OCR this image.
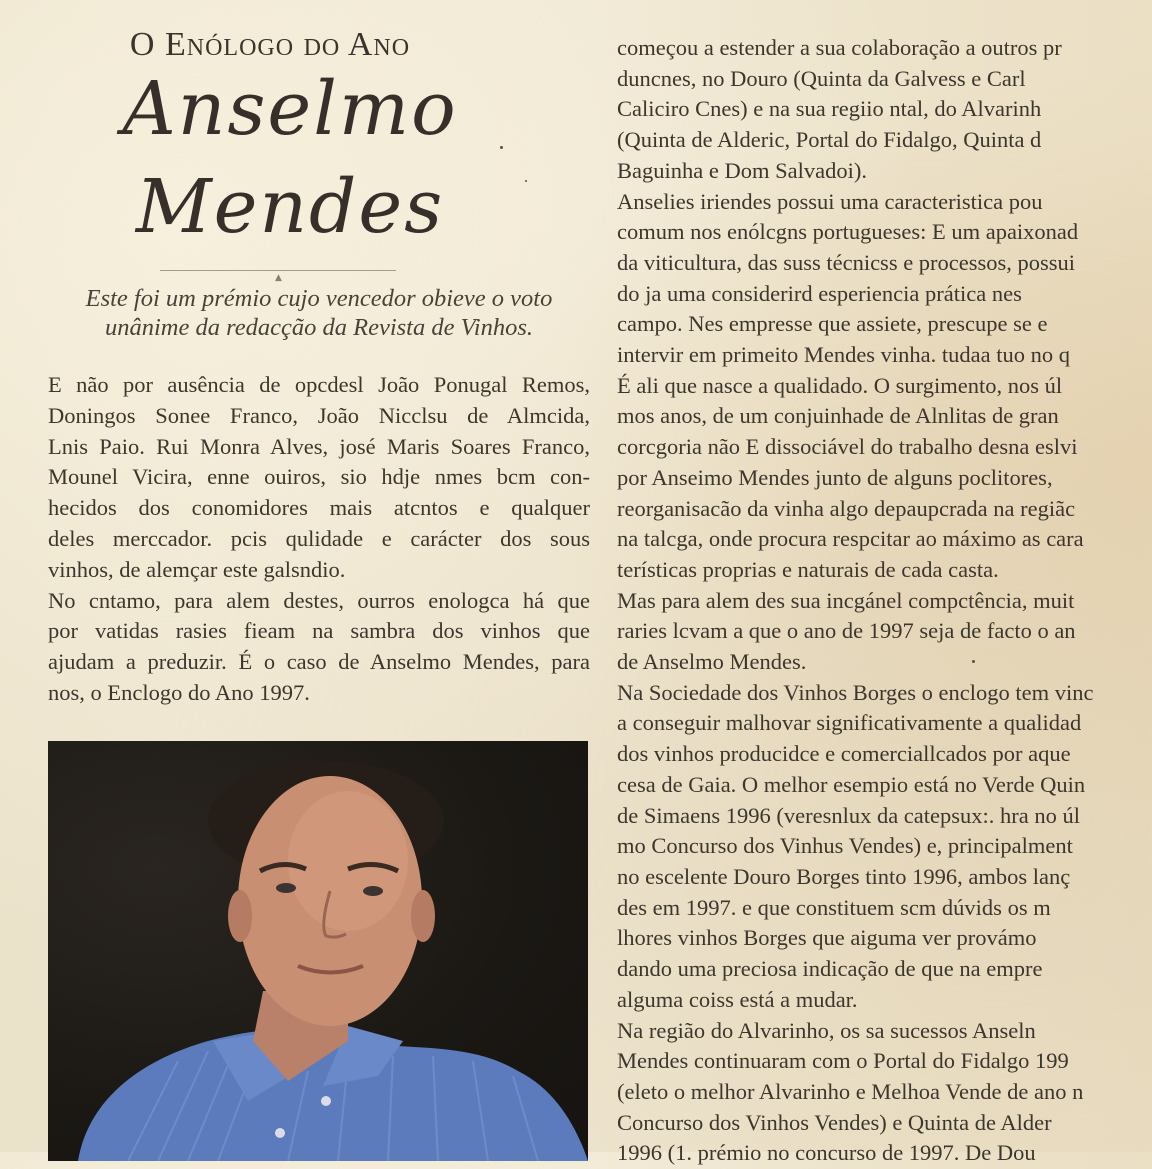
O Enólogo do Ano
Anselmo
Mendes
▲
Este foi um prémio cujo vencedor obieve o voto
unânime da redacção da Revista de Vinhos.
E não por ausência de opcdesl João Ponugal Remos,
Doningos Sonee Franco, João Nicclsu de Almcida,
Lnis Paio. Rui Monra Alves, josé Maris Soares Franco,
Mounel Vicira, enne ouiros, sio hdje nmes bcm con-
hecidos dos conomidores mais atcntos e qualquer
deles merccador. pcis qulidade e carácter dos sous
vinhos, de alemçar este galsndio.
No cntamo, para alem destes, ourros enologca há que
por vatidas rasies fieam na sambra dos vinhos que
ajudam a preduzir. É o caso de Anselmo Mendes, para
nos, o Enclogo do Ano 1997.
começou a estender a sua colaboração a outros pr
duncnes, no Douro (Quinta da Galvess e Carl
Caliciro Cnes) e na sua regiio ntal, do Alvarinh
(Quinta de Alderic, Portal do Fidalgo, Quinta d
Baguinha e Dom Salvadoi).
Anselies iriendes possui uma caracteristica pou
comum nos enólcgns portugueses: E um apaixonad
da viticultura, das suss técnicss e processos, possui
do ja uma considerird esperiencia prática nes
campo. Nes empresse que assiete, prescupe se e
intervir em primeito Mendes vinha. tudaa tuo no q
É ali que nasce a qualidado. O surgimento, nos úl
mos anos, de um conjuinhade de Alnlitas de gran
corcgoria não E dissociável do trabalho desna eslvi
por Anseimo Mendes junto de alguns poclitores,
reorganisacão da vinha algo depaupcrada na regiãc
na talcga, onde procura respcitar ao máximo as cara
terísticas proprias e naturais de cada casta.
Mas para alem des sua incgánel compctência, muit
raries lcvam a que o ano de 1997 seja de facto o an
de Anselmo Mendes.
Na Sociedade dos Vinhos Borges o enclogo tem vinc
a conseguir malhovar significativamente a qualidad
dos vinhos producidce e comerciallcados por aque
cesa de Gaia. O melhor esempio está no Verde Quin
de Simaens 1996 (veresnlux da catepsux:. hra no úl
mo Concurso dos Vinhus Vendes) e, principalment
no escelente Douro Borges tinto 1996, ambos lanç
des em 1997. e que constituem scm dúvids os m
lhores vinhos Borges que aiguma ver provámo
dando uma preciosa indicação de que na empre
alguma coiss está a mudar.
Na região do Alvarinho, os sa sucessos Anseln
Mendes continuaram com o Portal do Fidalgo 199
(eleto o melhor Alvarinho e Melhoa Vende de ano n
Concurso dos Vinhos Vendes) e Quinta de Alder
1996 (1. prémio no concurso de 1997. De Dou
